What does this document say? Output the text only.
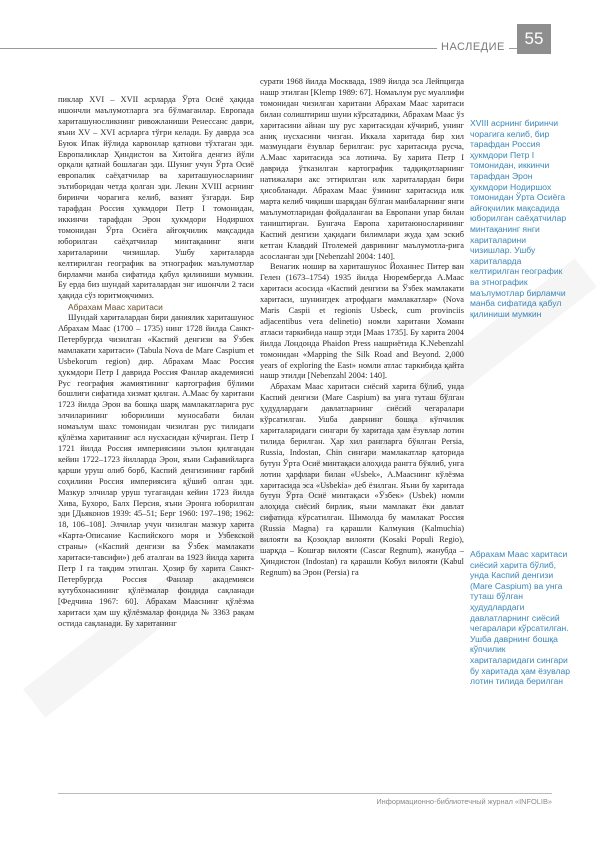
НАСЛЕДИЕ	55

пиклар XVI – XVII асрларда Ўрта Осиё ҳақида ишончли маълумотларга эга бўлмаганлар. Европада хариташуносликнинг ривожланиши Ренессанс даври, яъни XV – XVI асрларга тўғри келади. Бу даврда эса Буюк Ипак йўлида карвонлар қатнови тўхтаган эди. Европаликлар Ҳиндистон ва Хитойга денгиз йўли орқали қатнай бошлаган эди. Шуниг учун Ўрта Осиё европалик саёҳатчилар ва хариташуносларнинг эътиборидан четда қолган эди. Лекин XVIII асрнинг биринчи чорагига келиб, вазият ўзгарди. Бир тарафдан Россия ҳукмдори Петр I томонидан, иккинчи тарафдан Эрон ҳукмдори Нодиршох томонидан Ўрта Осиёга айғоқчилик мақсадида юборилган саёҳатчилар минтақанинг янги хариталарини чизишлар. Ушбу хариталарда келтирилган географик ва этнографик маълумотлар бирламчи манба сифатида қабул қилиниши мумкин. Бу ерда биз шундай хариталардан энг ишончли 2 таси ҳақида сўз юритмоқчимиз.

Абрахам Маас харитаси

Шундай хариталардан бири даниялик хариташунос Абрахам Маас (1700 – 1735) нинг 1728 йилда Санкт-Петербургда чизилган «Каспий денгизи ва Ўзбек мамлакати харитаси» (Tabula Nova de Mare Caspium et Usbekorum region) дир. Абрахам Маас Россия ҳукмдори Петр I даврида Россия Фанлар академиясиi Рус география жамиятининг картография бўлими бошлиғи сифатида хизмат қилган. А.Маас бу харитани 1723 йилда Эрон ва бошқа шарқ мамлакатларига рус элчиларининг юборилиши муносабати билан номаълум шахс томонидан чизилган рус тилидаги қўлёзма хаританинг асл нусхасидан кўчирган. Петр I 1721 йилда Россия империясини эълон қилгандан кейин 1722–1723 йилларда Эрон, яъни Сафавийларга қарши уруш олиб борб, Каспий денгизининг ғарбий соҳилини Россия империясига қўшиб олган эди. Мазкур элчилар уруш тугагандан кейин 1723 йилда Хива, Бухоро, Балх Персия, яъни Эронга юборилган эди [Дьяконов 1939: 45–51; Берг 1960: 197–198; 1962: 18, 106–108]. Элчилар учун чизилган мазкур харита «Карта-Описание Каспийского моря и Узбекской страны» («Каспий денгизи ва Ўзбек мамлакати харитаси-тавсифи») деб аталган ва 1923 йилда харита Петр I га тақдим этилган. Ҳозир бу харита Санкт-Петербургда Россия Фанлар академияси кутубхонасининг қўлёзмалар фондида сақланади [Федчина 1967: 60]. Абрахам Мааснинг қўлёзма харитаси ҳам шу қўлёзмалар фондида № 3363 рақам остида сақланади. Бу хаританинг

сурати 1968 йилда Москвада, 1989 йилда эса Лейпцигда нашр этилган [Klemp 1989: 67]. Номаълум рус муаллифи томонидан чизилган харитани Абрахам Маас харитаси билан солиштириш шуни кўрсатадики, Абрахам Маас ўз харитасини айнан шу рус харитасидан кўчириб, унинг аниқ нусхасини чизган. Иккала харитада бир хил мазмундаги ёзувлар берилган: рус харитасида русча, А.Маас харитасида эса лотинча. Бу харита Петр I даврида ўтказилган картографик тадқиқотларнинг натижалари акс эттирилган илк хариталардан бири ҳисобланади. Абрахам Маас ўзининг харитасида илк марта келиб чиқиши шарқдан бўлган манбаларнинг янги маълумотларидан фойдаланган ва Европани упар билан таништирган. Бунгача Европа харитаюносларининг Каспий денгизи ҳақидаги билимлари жуда ҳам эскиб кетган Клавдий Птолемей даврининг маълумотла-рига асосланган эди [Nebenzahl 2004: 140].

Венагик ношир ва хариташунос Йоханнес Питер ван Гелен (1673–1754) 1935 йилда Нюрембергда А.Маас харитаси асосида «Каспий денгизи ва Ўзбек мамлакати харитаси, шунингдек атрофдаги мамлакатлар» (Nova Maris Caspii et regionis Usbeck, cum provinciis adjacentibus vera delinetio) номли харитани Хоманн атласи таркибида нашр этди [Maas 1735]. Бу харита 2004 йилда Лондонда Phaidon Press нашриётида K.Nebenzahl томонидан «Mapping the Silk Road and Beyond. 2,000 years of exploring the East» номли атлас таркибида қайта нашр этилди [Nebenzahl 2004: 140].

Абрахам Маас харитаси сиёсий харита бўлиб, унда Каспий денгизи (Mare Caspium) ва унга туташ бўлган ҳудудлардаги давлатларнинг сиёсий чегаралари кўрсатилган. Ушба даврнинг бошқа кўпчилик хариталаридаги сингари бу харитада ҳам ёзувлар лотин тилида берилган. Ҳар хил рангларга бўялган Persia, Russia, Indostan, Chin сингари мамлакатлар қаторида бутун Ўрта Осиё минтақаси алоҳида рангга бўялиб, унга лотин ҳарфлари билан «Usbek», А.Мааснинг кўлёзма харитасида эса «Usbekia» деб ёзилган. Яъни бу харитада бутун Ўрта Осиё минтақаси «Ўзбек» (Usbek) номли алоҳида сиёсий бирлик, яъни мамлакат ёки давлат сифатида кўрсатилган. Шимолда бу мамлакат Россия (Russia Magna) га қарашли Калмукия (Kalmuchia) вилояти ва Қозоқлар вилояти (Kosaki Populi Regio), шарқда – Кошғар вилояти (Cascar Regnum), жанубда – Ҳиндистон (Indostan) га қарашли Кобул вилояти (Kabul Regnum) ва Эрон (Persia) га

XVIII асрнинг биринчи чорагига келиб, бир тарафдан Россия ҳукмдори Петр I томонидан, иккинчи тарафдан Эрон ҳукмдори Нодиршох томонидан Ўрта Осиёга айғоқчилик мақсадида юборилган саёҳатчилар минтақанинг янги хариталарини чизишлар. Ушбу хариталарда келтирилган географик ва этнографик маълумотлар бирламчи манба сифатида қабул қилиниши мумкин
Абрахам Маас харитаси сиёсий харита бўлиб, унда Каспий денгизи (Mare Caspium) ва унга туташ бўлган ҳудудлардаги давлатларнинг сиёсий чегаралари кўрсатилган. Ушба даврнинг бошқа кўпчилик хариталаридаги сингари бу харитада ҳам ёзувлар лотин тилида берилган
Информационно-библиотечный журнал «INFOLIB»
